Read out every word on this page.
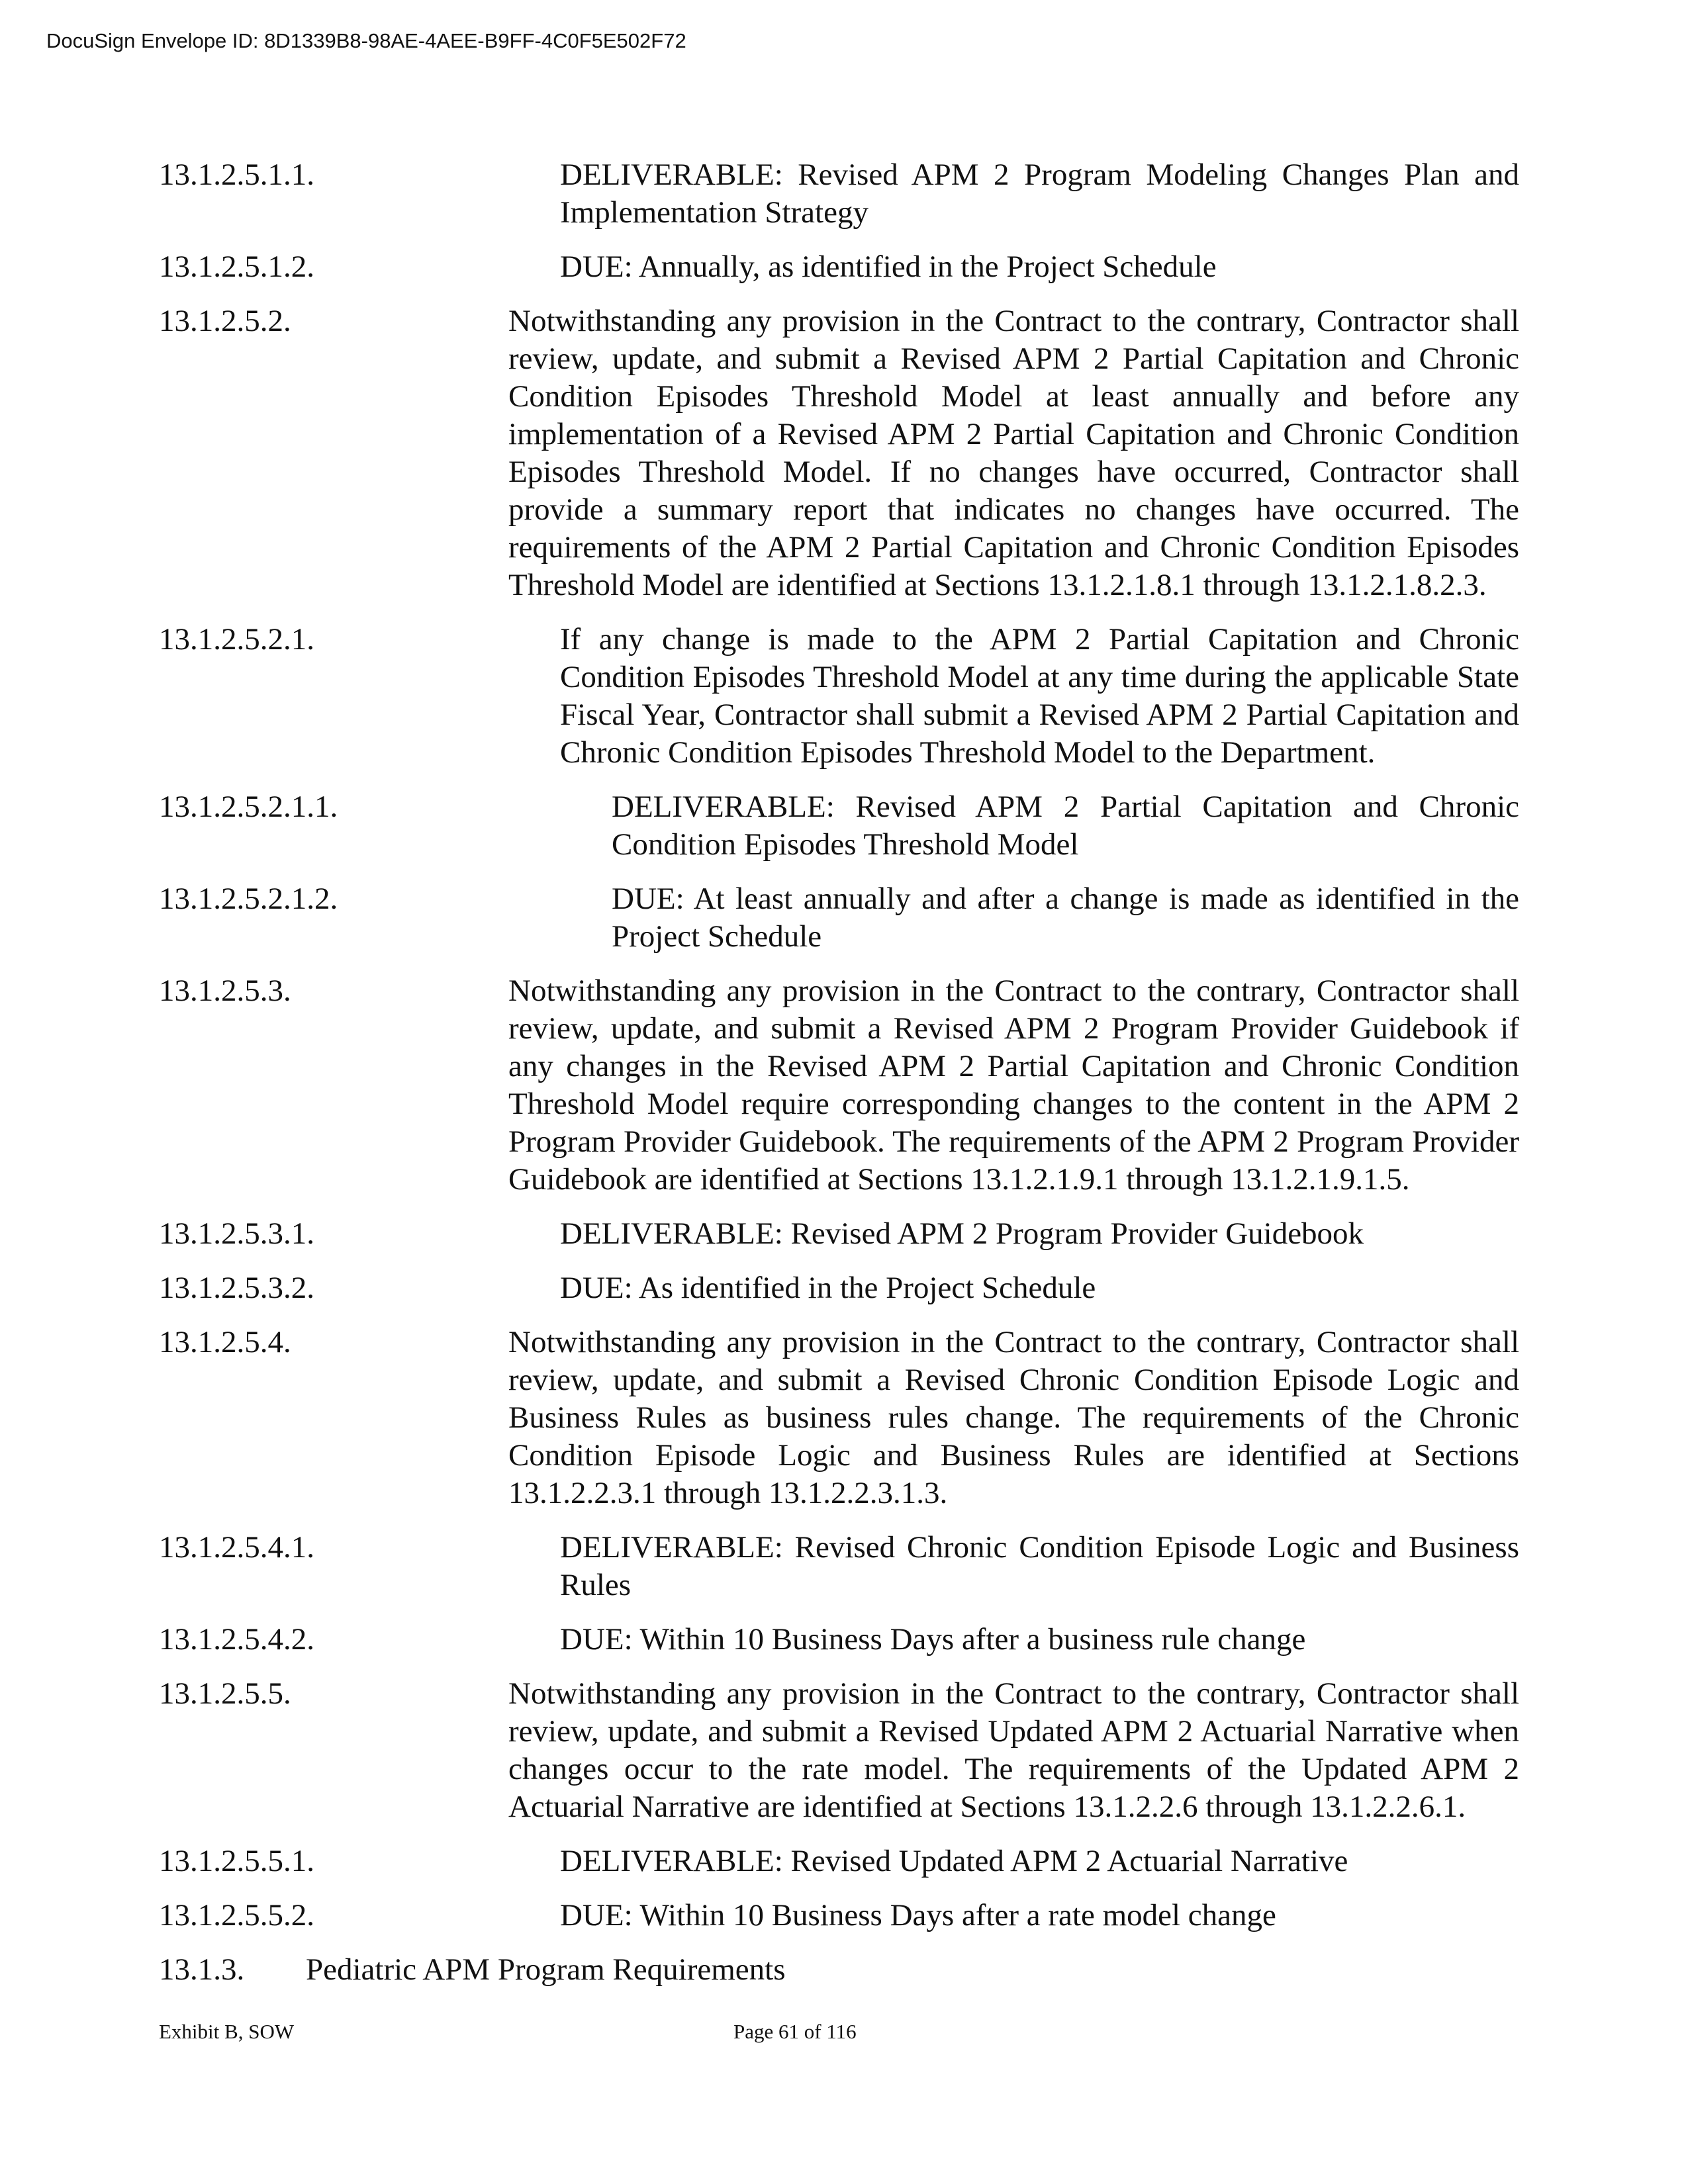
DocuSign Envelope ID: 8D1339B8-98AE-4AEE-B9FF-4C0F5E502F72
13.1.2.5.1.1.	DELIVERABLE: Revised APM 2 Program Modeling Changes Plan and Implementation Strategy
13.1.2.5.1.2.	DUE: Annually, as identified in the Project Schedule
13.1.2.5.2.	Notwithstanding any provision in the Contract to the contrary, Contractor shall review, update, and submit a Revised APM 2 Partial Capitation and Chronic Condition Episodes Threshold Model at least annually and before any implementation of a Revised APM 2 Partial Capitation and Chronic Condition Episodes Threshold Model. If no changes have occurred, Contractor shall provide a summary report that indicates no changes have occurred. The requirements of the APM 2 Partial Capitation and Chronic Condition Episodes Threshold Model are identified at Sections 13.1.2.1.8.1 through 13.1.2.1.8.2.3.
13.1.2.5.2.1.	If any change is made to the APM 2 Partial Capitation and Chronic Condition Episodes Threshold Model at any time during the applicable State Fiscal Year, Contractor shall submit a Revised APM 2 Partial Capitation and Chronic Condition Episodes Threshold Model to the Department.
13.1.2.5.2.1.1.	DELIVERABLE: Revised APM 2 Partial Capitation and Chronic Condition Episodes Threshold Model
13.1.2.5.2.1.2.	DUE: At least annually and after a change is made as identified in the Project Schedule
13.1.2.5.3.	Notwithstanding any provision in the Contract to the contrary, Contractor shall review, update, and submit a Revised APM 2 Program Provider Guidebook if any changes in the Revised APM 2 Partial Capitation and Chronic Condition Threshold Model require corresponding changes to the content in the APM 2 Program Provider Guidebook. The requirements of the APM 2 Program Provider Guidebook are identified at Sections 13.1.2.1.9.1 through 13.1.2.1.9.1.5.
13.1.2.5.3.1.	DELIVERABLE: Revised APM 2 Program Provider Guidebook
13.1.2.5.3.2.	DUE: As identified in the Project Schedule
13.1.2.5.4.	Notwithstanding any provision in the Contract to the contrary, Contractor shall review, update, and submit a Revised Chronic Condition Episode Logic and Business Rules as business rules change. The requirements of the Chronic Condition Episode Logic and Business Rules are identified at Sections 13.1.2.2.3.1 through 13.1.2.2.3.1.3.
13.1.2.5.4.1.	DELIVERABLE: Revised Chronic Condition Episode Logic and Business Rules
13.1.2.5.4.2.	DUE: Within 10 Business Days after a business rule change
13.1.2.5.5.	Notwithstanding any provision in the Contract to the contrary, Contractor shall review, update, and submit a Revised Updated APM 2 Actuarial Narrative when changes occur to the rate model. The requirements of the Updated APM 2 Actuarial Narrative are identified at Sections 13.1.2.2.6 through 13.1.2.2.6.1.
13.1.2.5.5.1.	DELIVERABLE: Revised Updated APM 2 Actuarial Narrative
13.1.2.5.5.2.	DUE: Within 10 Business Days after a rate model change
13.1.3. Pediatric APM Program Requirements
Exhibit B, SOW	Page 61 of 116
